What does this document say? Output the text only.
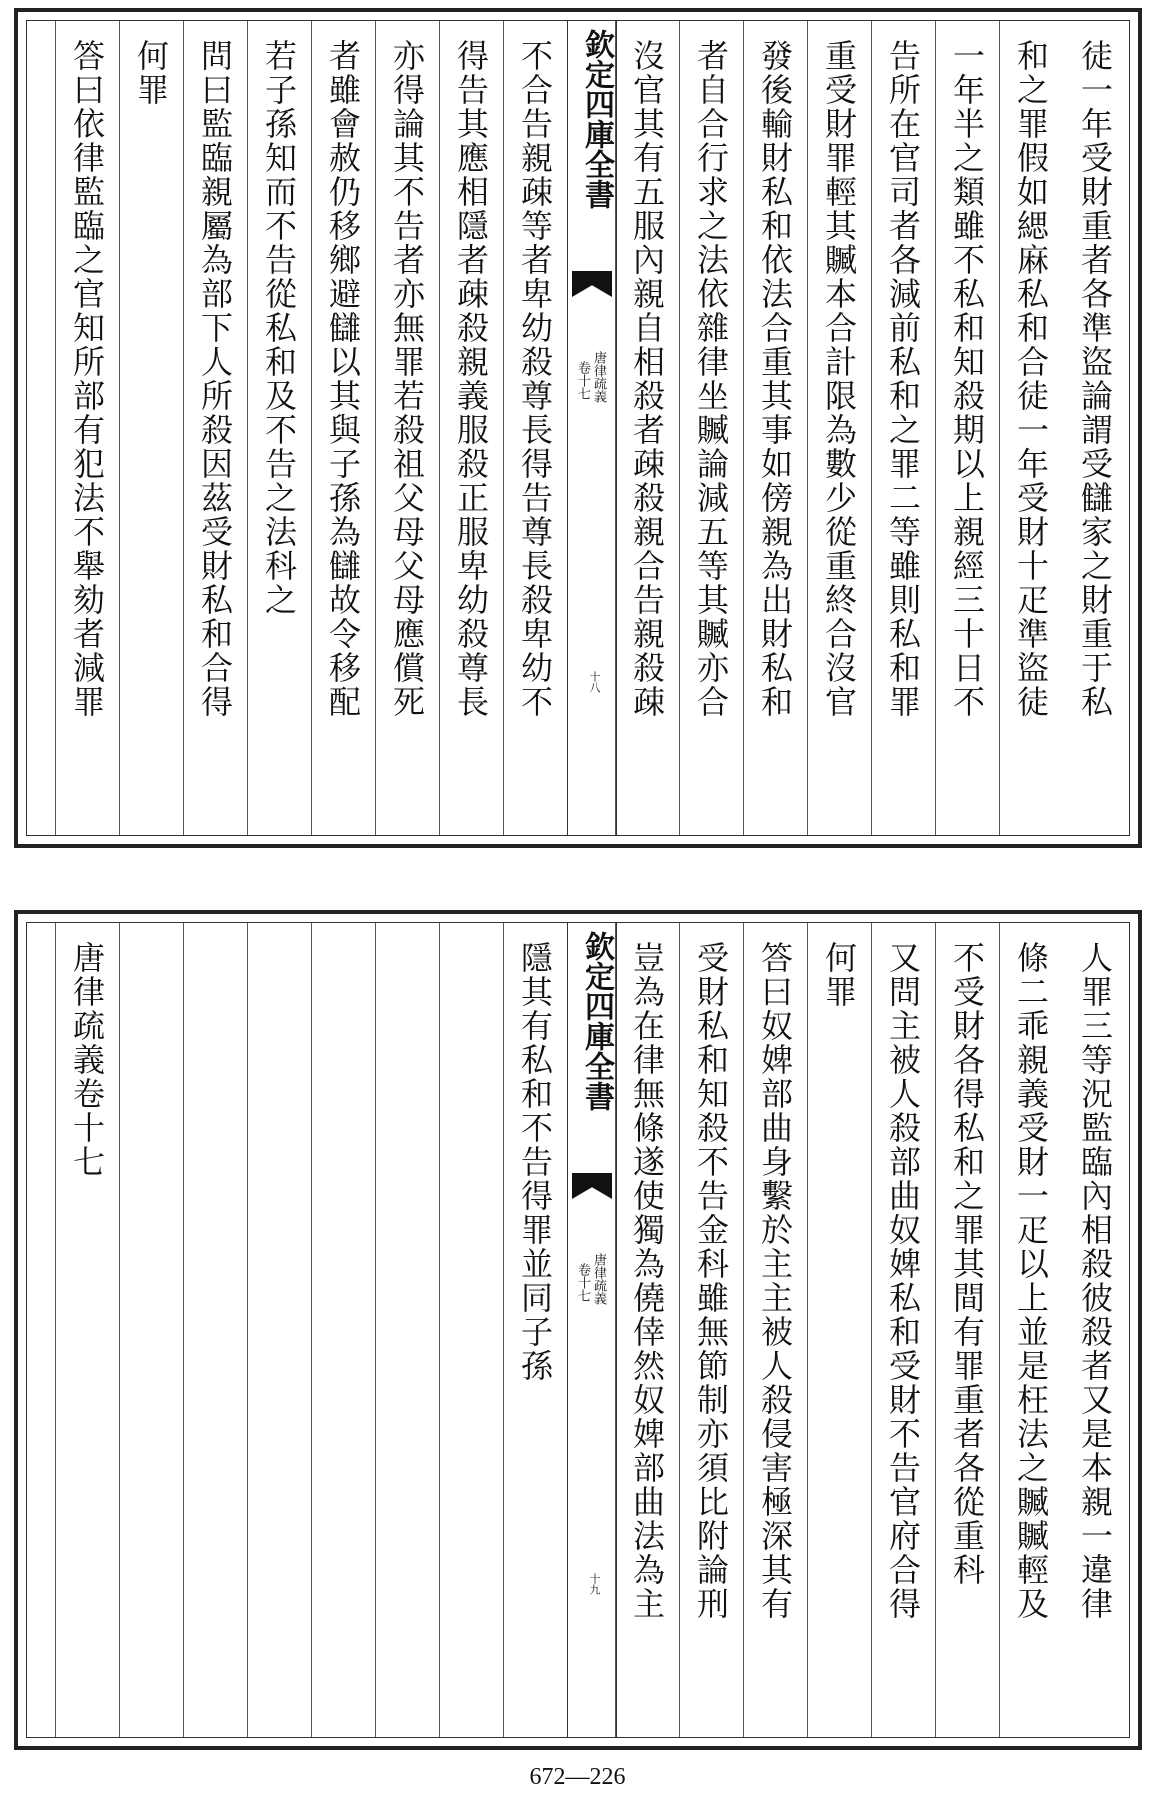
徒一年受財重者各準盜論謂受讎家之財重于私
和之罪假如緦麻私和合徒一年受財十疋準盜徒
一年半之類雖不私和知殺期以上親經三十日不
告所在官司者各減前私和之罪二等雖則私和罪
重受財罪輕其贓本合計限為數少從重終合沒官
發後輸財私和依法合重其事如傍親為出財私和
者自合行求之法依雜律坐贓論減五等其贓亦合
沒官其有五服內親自相殺者疎殺親合告親殺疎
欽定四庫全書
唐律疏義
卷十七
十八
不合告親疎等者卑幼殺尊長得告尊長殺卑幼不
得告其應相隱者疎殺親義服殺正服卑幼殺尊長
亦得論其不告者亦無罪若殺祖父母父母應償死
者雖會赦仍移鄉避讎以其與子孫為讎故令移配
若子孫知而不告從私和及不告之法科之
問曰監臨親屬為部下人所殺因茲受財私和合得
何罪
答曰依律監臨之官知所部有犯法不舉劾者減罪
人罪三等況監臨內相殺彼殺者又是本親一違律
條二乖親義受財一疋以上並是枉法之贓贓輕及
不受財各得私和之罪其間有罪重者各從重科
又問主被人殺部曲奴婢私和受財不告官府合得
何罪
答曰奴婢部曲身繫於主主被人殺侵害極深其有
受財私和知殺不告金科雖無節制亦須比附論刑
豈為在律無條遂使獨為僥倖然奴婢部曲法為主
欽定四庫全書
唐律疏義
卷十七
十九
隱其有私和不告得罪並同子孫
唐律疏義卷十七
672—226
